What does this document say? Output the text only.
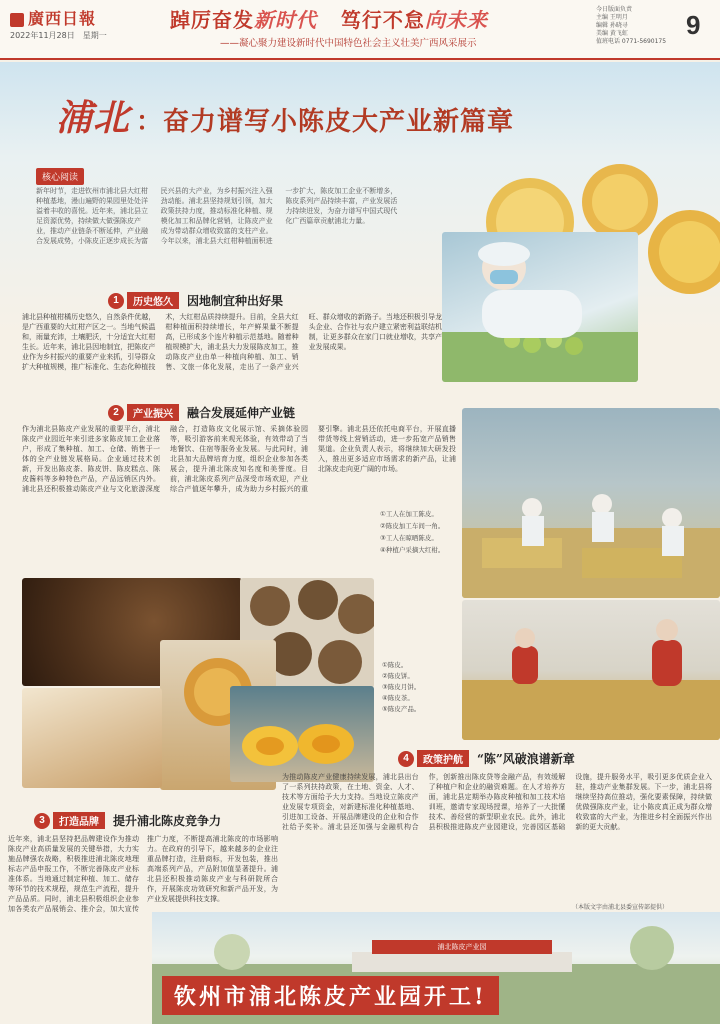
廣西日報
2022年11月28日　星期一
踔厉奋发新时代 笃行不怠向未来
——凝心聚力建设新时代中国特色社会主义壮美广西风采展示
今日版面负责
主编 王明月
编辑 孙晓寻
美编 黄飞虹
值班电话 0771-5690175
9
浦北 ：奋力谱写小陈皮大产业新篇章
核心阅读
新年时节，走进钦州市浦北县大红柑种植基地，漫山遍野的果园里处处洋溢着丰收的喜悦。近年来，浦北县立足资源优势，持续做大做强陈皮产业，推动产业链条不断延伸，产业融合发展成势，小陈皮正逐步成长为富民兴县的大产业，为乡村振兴注入强劲动能。浦北县坚持规划引领，加大政策扶持力度，推动标准化种植、规模化加工和品牌化营销，让陈皮产业成为带动群众增收致富的支柱产业。今年以来，浦北县大红柑种植面积进一步扩大，陈皮加工企业不断增多，陈皮系列产品持续丰富，产业发展活力持续迸发，为奋力谱写中国式现代化广西篇章贡献浦北力量。
1	历史悠久	因地制宜种出好果
浦北县种植柑橘历史悠久，自然条件优越，是广西重要的大红柑产区之一。当地气候温和，雨量充沛，土壤肥沃，十分适宜大红柑生长。近年来，浦北县因地制宜，把陈皮产业作为乡村振兴的重要产业来抓，引导群众扩大种植规模，推广标准化、生态化种植技术，大红柑品质持续提升。目前，全县大红柑种植面积持续增长，年产鲜果量不断提高，已形成多个连片种植示范基地。随着种植规模扩大，浦北县大力发展陈皮加工，推动陈皮产业由单一种植向种植、加工、销售、文旅一体化发展，走出了一条产业兴旺、群众增收的新路子。当地还积极引导龙头企业、合作社与农户建立紧密利益联结机制，让更多群众在家门口就业增收，共享产业发展成果。
2	产业振兴	融合发展延伸产业链
作为浦北县陈皮产业发展的重要平台，浦北陈皮产业园近年来引进多家陈皮加工企业落户，形成了集种植、加工、仓储、销售于一体的全产业链发展格局。企业通过技术创新，开发出陈皮茶、陈皮饼、陈皮糕点、陈皮酱料等多种特色产品，产品远销区内外。浦北县还积极推动陈皮产业与文化旅游深度融合，打造陈皮文化展示馆、采摘体验园等，吸引游客前来观光体验，有效带动了当地餐饮、住宿等服务业发展。与此同时，浦北县加大品牌培育力度，组织企业参加各类展会，提升浦北陈皮知名度和美誉度。目前，浦北陈皮系列产品深受市场欢迎，产业综合产值逐年攀升，成为助力乡村振兴的重要引擎。浦北县还依托电商平台，开展直播带货等线上营销活动，进一步拓宽产品销售渠道。企业负责人表示，将继续加大研发投入，推出更多适应市场需求的新产品，让浦北陈皮走向更广阔的市场。
①工人在加工陈皮。
②陈皮加工车间一角。
③工人在晾晒陈皮。
④种植户采摘大红柑。
①陈皮。
②陈皮饼。
③陈皮月饼。
④陈皮茶。
⑤陈皮产品。
4	政策护航	“陈”风破浪谱新章
为推动陈皮产业健康持续发展，浦北县出台了一系列扶持政策，在土地、资金、人才、技术等方面给予大力支持。当地设立陈皮产业发展专项资金，对新建标准化种植基地、引进加工设备、开展品牌建设的企业和合作社给予奖补。浦北县还加强与金融机构合作，创新推出陈皮贷等金融产品，有效缓解了种植户和企业的融资难题。在人才培养方面，浦北县定期举办陈皮种植和加工技术培训班，邀请专家现场授课，培养了一大批懂技术、善经营的新型职业农民。此外，浦北县积极推进陈皮产业园建设，完善园区基础设施，提升服务水平，吸引更多优质企业入驻，推动产业集群发展。下一步，浦北县将继续坚持高位推动，强化要素保障，持续做优做强陈皮产业，让小陈皮真正成为群众增收致富的大产业，为推进乡村全面振兴作出新的更大贡献。
3	打造品牌	提升浦北陈皮竞争力
近年来，浦北县坚持把品牌建设作为推动陈皮产业高质量发展的关键举措，大力实施品牌强农战略，积极推进浦北陈皮地理标志产品申报工作，不断完善陈皮产业标准体系。当地通过制定种植、加工、储存等环节的技术规程，规范生产流程，提升产品品质。同时，浦北县积极组织企业参加各类农产品展销会、推介会，加大宣传推广力度，不断提高浦北陈皮的市场影响力。在政府的引导下，越来越多的企业注重品牌打造，注册商标，开发包装，推出高端系列产品，产品附加值显著提升。浦北县还积极推动陈皮产业与科研院所合作，开展陈皮功效研究和新产品开发，为产业发展提供科技支撑。
（本版文字由浦北县委宣传部提供）
浦北陈皮产业园
钦州市浦北陈皮产业园开工!
